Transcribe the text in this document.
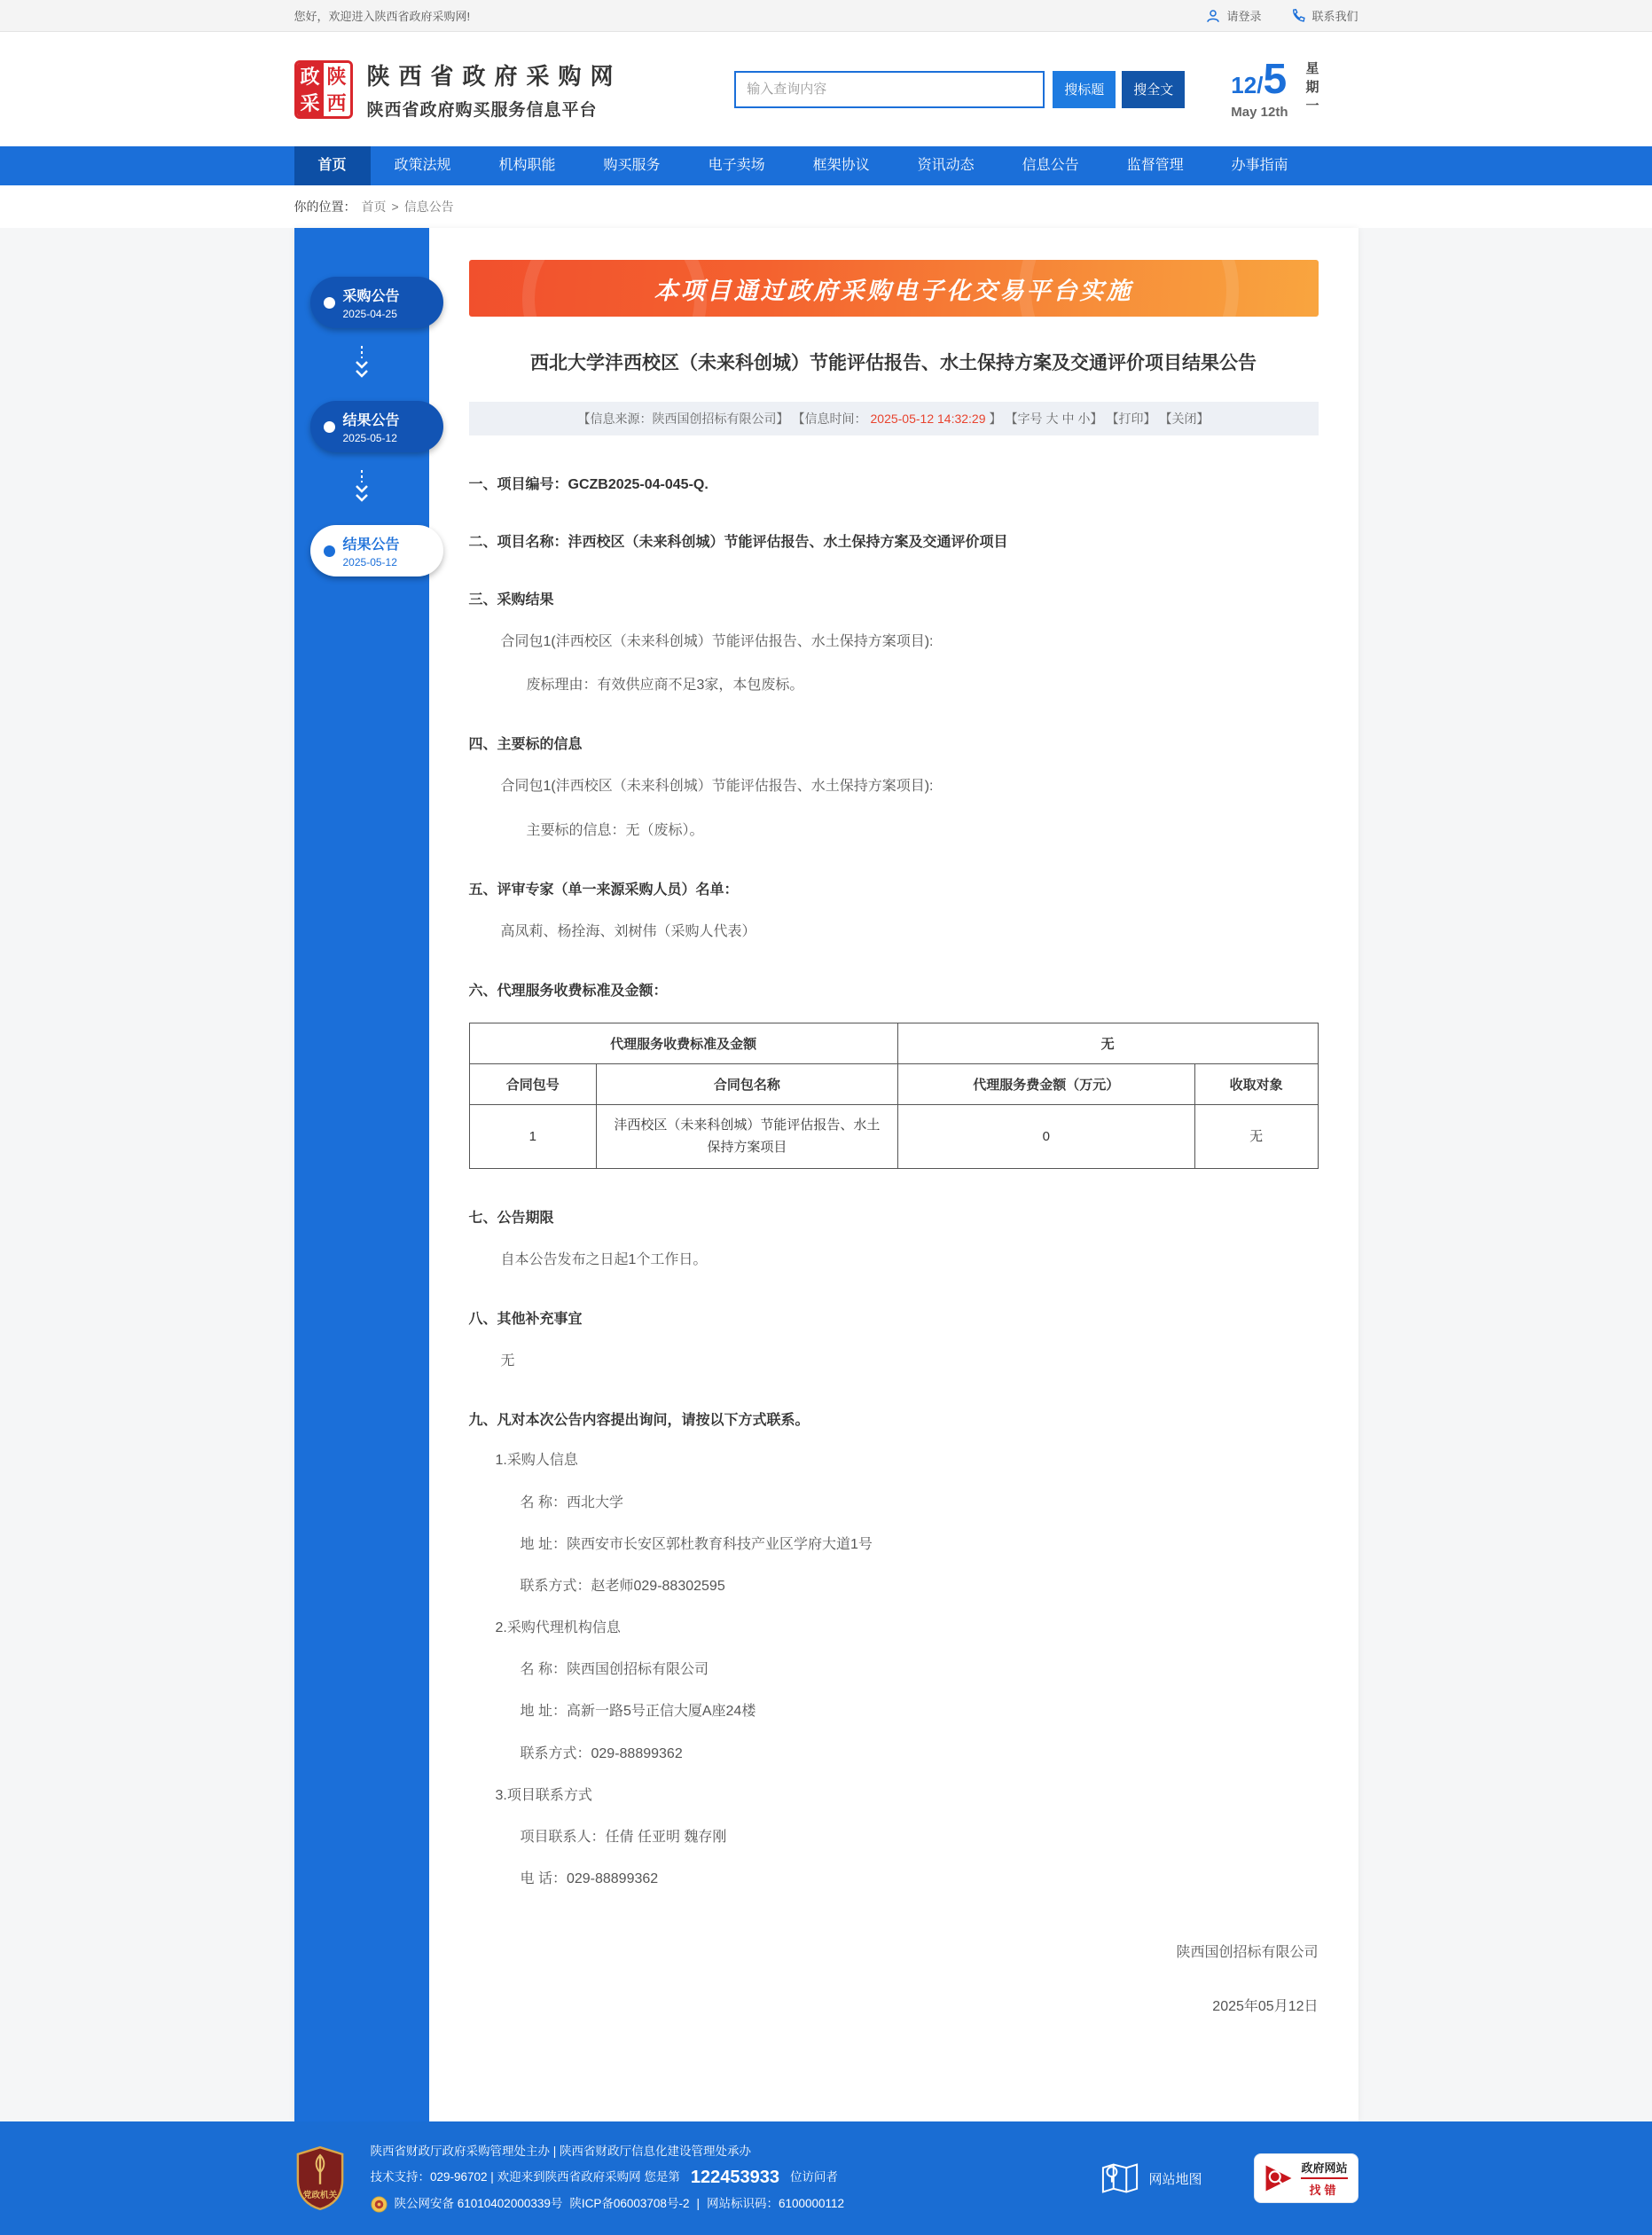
您好，欢迎进入陕西省政府采购网!	请登录	联系我们
政 陕
采 西
陕西省政府采购网
陕西省政府购买服务信息平台
输入查询内容
搜标题	搜全文	12/ 5
May 12th 星期一
首页	政策法规	机构职能	购买服务	电子卖场	框架协议	资讯动态	信息公告	监督管理	办事指南
你的位置： 首页 > 信息公告
采购公告
2025-04-25
结果公告
2025-05-12
结果公告
2025-05-12
本项目通过政府采购电子化交易平台实施
西北大学沣西校区（未来科创城）节能评估报告、水土保持方案及交通评价项目结果公告
【信息来源：陕西国创招标有限公司】 【信息时间： 2025-05-12 14:32:29 】 【字号 大 中 小】 【打印】 【关闭】
一、项目编号：GCZB2025-04-045-Q.
二、项目名称：沣西校区（未来科创城）节能评估报告、水土保持方案及交通评价项目
三、采购结果
合同包1(沣西校区（未来科创城）节能评估报告、水土保持方案项目):
废标理由：有效供应商不足3家，本包废标。
四、主要标的信息
合同包1(沣西校区（未来科创城）节能评估报告、水土保持方案项目):
主要标的信息：无（废标）。
五、评审专家（单一来源采购人员）名单：
高凤莉、杨拴海、刘树伟（采购人代表）
六、代理服务收费标准及金额：
代理服务收费标准及金额		无	
合同包号	合同包名称	代理服务费金额（万元）	收取对象
1	沣西校区（未来科创城）节能评估报告、水土保持方案项目	0	无
七、公告期限
自本公告发布之日起1个工作日。
八、其他补充事宜
无
九、凡对本次公告内容提出询问，请按以下方式联系。
1.采购人信息
名 称：西北大学
地 址：陕西安市长安区郭杜教育科技产业区学府大道1号
联系方式：赵老师029-88302595
2.采购代理机构信息
名 称：陕西国创招标有限公司
地 址：高新一路5号正信大厦A座24楼
联系方式：029-88899362
3.项目联系方式
项目联系人：任倩 任亚明 魏存刚
电 话：029-88899362
陕西国创招标有限公司
2025年05月12日
党政机关
陕西省财政厅政府采购管理处主办 | 陕西省财政厅信息化建设管理处承办
技术支持：029-96702 | 欢迎来到陕西省政府采购网 您是第 122453933 位访问者
陕公网安备 61010402000339号 陕ICP备06003708号-2 | 网站标识码：6100000112
网站地图
政府网站
找错
